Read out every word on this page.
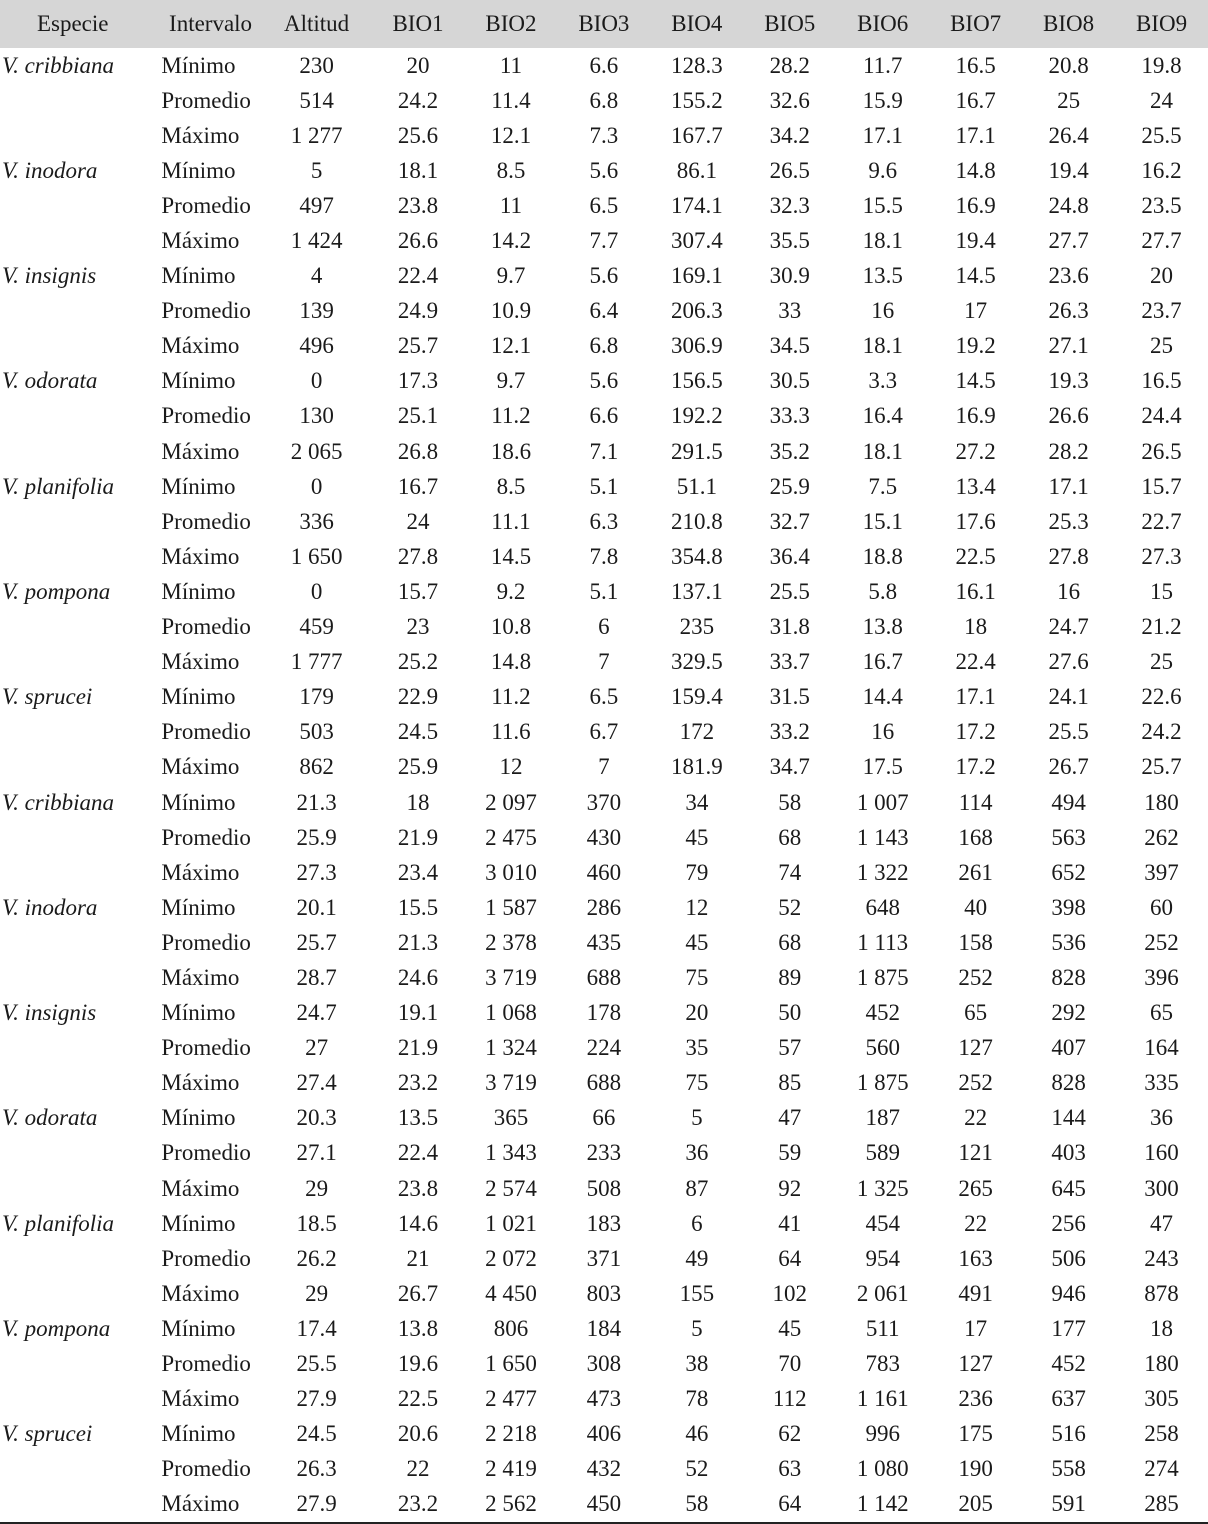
Especie	Intervalo	Altitud	BIO1	BIO2	BIO3	BIO4	BIO5	BIO6	BIO7	BIO8	BIO9
V. cribbiana	Mínimo	230	20	11	6.6	128.3	28.2	11.7	16.5	20.8	19.8
	Promedio	514	24.2	11.4	6.8	155.2	32.6	15.9	16.7	25	24
	Máximo	1 277	25.6	12.1	7.3	167.7	34.2	17.1	17.1	26.4	25.5
V. inodora	Mínimo	5	18.1	8.5	5.6	86.1	26.5	9.6	14.8	19.4	16.2
	Promedio	497	23.8	11	6.5	174.1	32.3	15.5	16.9	24.8	23.5
	Máximo	1 424	26.6	14.2	7.7	307.4	35.5	18.1	19.4	27.7	27.7
V. insignis	Mínimo	4	22.4	9.7	5.6	169.1	30.9	13.5	14.5	23.6	20
	Promedio	139	24.9	10.9	6.4	206.3	33	16	17	26.3	23.7
	Máximo	496	25.7	12.1	6.8	306.9	34.5	18.1	19.2	27.1	25
V. odorata	Mínimo	0	17.3	9.7	5.6	156.5	30.5	3.3	14.5	19.3	16.5
	Promedio	130	25.1	11.2	6.6	192.2	33.3	16.4	16.9	26.6	24.4
	Máximo	2 065	26.8	18.6	7.1	291.5	35.2	18.1	27.2	28.2	26.5
V. planifolia	Mínimo	0	16.7	8.5	5.1	51.1	25.9	7.5	13.4	17.1	15.7
	Promedio	336	24	11.1	6.3	210.8	32.7	15.1	17.6	25.3	22.7
	Máximo	1 650	27.8	14.5	7.8	354.8	36.4	18.8	22.5	27.8	27.3
V. pompona	Mínimo	0	15.7	9.2	5.1	137.1	25.5	5.8	16.1	16	15
	Promedio	459	23	10.8	6	235	31.8	13.8	18	24.7	21.2
	Máximo	1 777	25.2	14.8	7	329.5	33.7	16.7	22.4	27.6	25
V. sprucei	Mínimo	179	22.9	11.2	6.5	159.4	31.5	14.4	17.1	24.1	22.6
	Promedio	503	24.5	11.6	6.7	172	33.2	16	17.2	25.5	24.2
	Máximo	862	25.9	12	7	181.9	34.7	17.5	17.2	26.7	25.7
V. cribbiana	Mínimo	21.3	18	2 097	370	34	58	1 007	114	494	180
	Promedio	25.9	21.9	2 475	430	45	68	1 143	168	563	262
	Máximo	27.3	23.4	3 010	460	79	74	1 322	261	652	397
V. inodora	Mínimo	20.1	15.5	1 587	286	12	52	648	40	398	60
	Promedio	25.7	21.3	2 378	435	45	68	1 113	158	536	252
	Máximo	28.7	24.6	3 719	688	75	89	1 875	252	828	396
V. insignis	Mínimo	24.7	19.1	1 068	178	20	50	452	65	292	65
	Promedio	27	21.9	1 324	224	35	57	560	127	407	164
	Máximo	27.4	23.2	3 719	688	75	85	1 875	252	828	335
V. odorata	Mínimo	20.3	13.5	365	66	5	47	187	22	144	36
	Promedio	27.1	22.4	1 343	233	36	59	589	121	403	160
	Máximo	29	23.8	2 574	508	87	92	1 325	265	645	300
V. planifolia	Mínimo	18.5	14.6	1 021	183	6	41	454	22	256	47
	Promedio	26.2	21	2 072	371	49	64	954	163	506	243
	Máximo	29	26.7	4 450	803	155	102	2 061	491	946	878
V. pompona	Mínimo	17.4	13.8	806	184	5	45	511	17	177	18
	Promedio	25.5	19.6	1 650	308	38	70	783	127	452	180
	Máximo	27.9	22.5	2 477	473	78	112	1 161	236	637	305
V. sprucei	Mínimo	24.5	20.6	2 218	406	46	62	996	175	516	258
	Promedio	26.3	22	2 419	432	52	63	1 080	190	558	274
	Máximo	27.9	23.2	2 562	450	58	64	1 142	205	591	285
